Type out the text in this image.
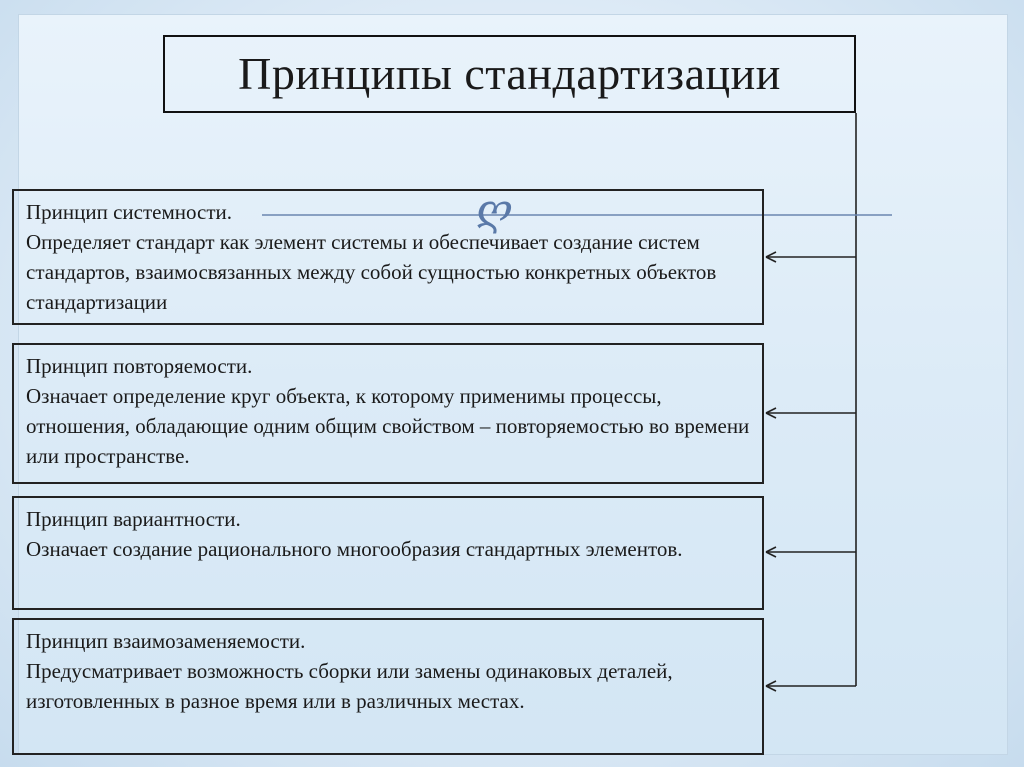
Принципы стандартизации
ღ

Принцип системности.

Определяет стандарт как элемент системы и обеспечивает создание систем стандартов, взаимосвязанных между собой сущностью конкретных объектов стандартизации

Принцип повторяемости.

Означает определение круг объекта, к которому применимы процессы, отношения, обладающие одним общим свойством – повторяемостью во времени или пространстве.

Принцип вариантности.

Означает создание рационального многообразия стандартных элементов.

Принцип взаимозаменяемости.

Предусматривает возможность сборки или замены одинаковых деталей, изготовленных в разное время или в различных местах.
